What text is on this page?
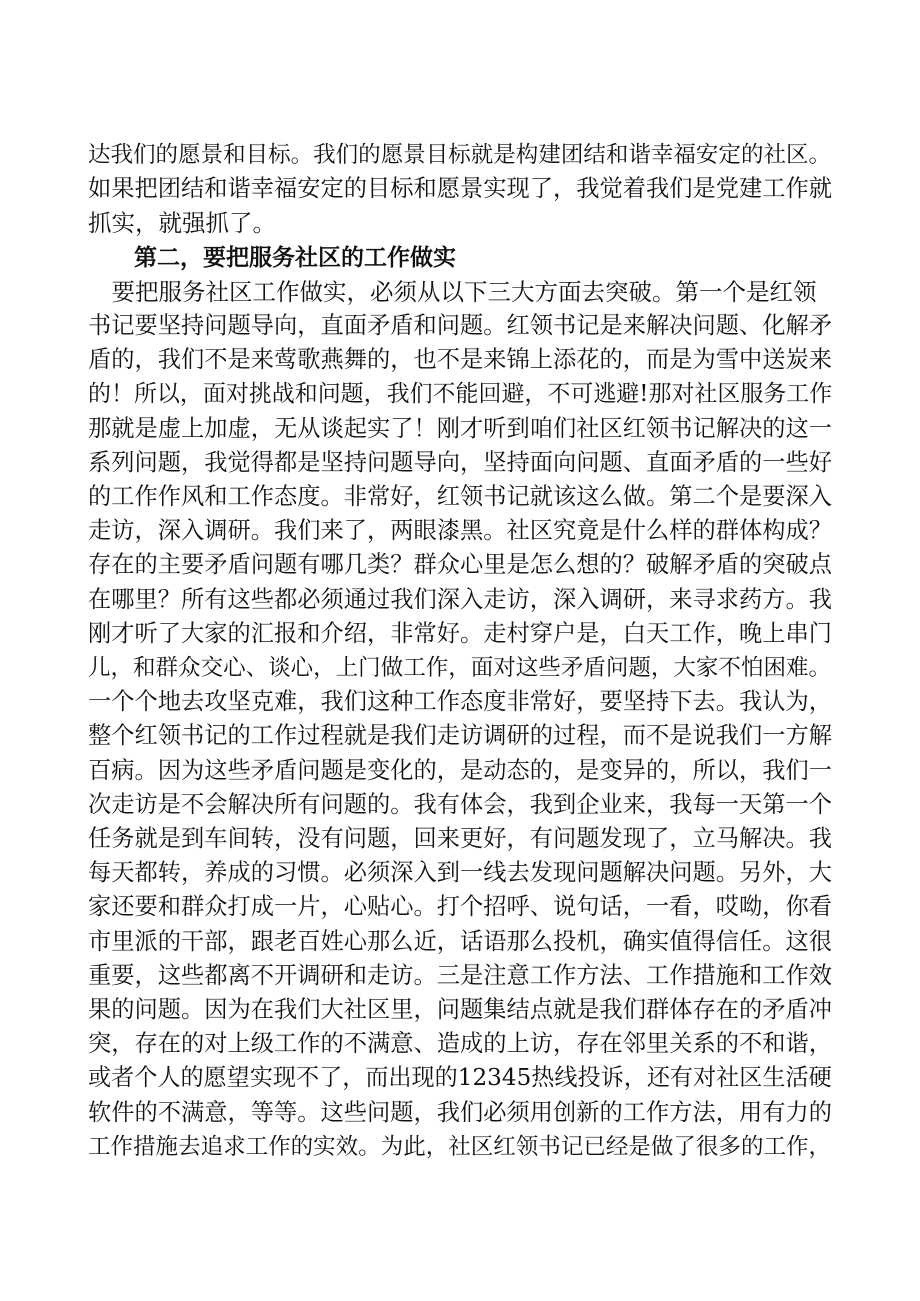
达我们的愿景和目标。我们的愿景目标就是构建团结和谐幸福安定的社区。
如果把团结和谐幸福安定的目标和愿景实现了，我觉着我们是党建工作就
抓实，就强抓了。
第二，要把服务社区的工作做实
　要把服务社区工作做实，必须从以下三大方面去突破。第一个是红领
书记要坚持问题导向，直面矛盾和问题。红领书记是来解决问题、化解矛
盾的，我们不是来莺歌燕舞的，也不是来锦上添花的，而是为雪中送炭来
的！所以，面对挑战和问题，我们不能回避，不可逃避!那对社区服务工作
那就是虚上加虚，无从谈起实了！刚才听到咱们社区红领书记解决的这一
系列问题，我觉得都是坚持问题导向，坚持面向问题、直面矛盾的一些好
的工作作风和工作态度。非常好，红领书记就该这么做。第二个是要深入
走访，深入调研。我们来了，两眼漆黑。社区究竟是什么样的群体构成？
存在的主要矛盾问题有哪几类？群众心里是怎么想的？破解矛盾的突破点
在哪里？所有这些都必须通过我们深入走访，深入调研，来寻求药方。我
刚才听了大家的汇报和介绍，非常好。走村穿户是，白天工作，晚上串门
儿，和群众交心、谈心，上门做工作，面对这些矛盾问题，大家不怕困难。
一个个地去攻坚克难，我们这种工作态度非常好，要坚持下去。我认为，
整个红领书记的工作过程就是我们走访调研的过程，而不是说我们一方解
百病。因为这些矛盾问题是变化的，是动态的，是变异的，所以，我们一
次走访是不会解决所有问题的。我有体会，我到企业来，我每一天第一个
任务就是到车间转，没有问题，回来更好，有问题发现了，立马解决。我
每天都转，养成的习惯。必须深入到一线去发现问题解决问题。另外，大
家还要和群众打成一片，心贴心。打个招呼、说句话，一看，哎呦，你看
市里派的干部，跟老百姓心那么近，话语那么投机，确实值得信任。这很
重要，这些都离不开调研和走访。三是注意工作方法、工作措施和工作效
果的问题。因为在我们大社区里，问题集结点就是我们群体存在的矛盾冲
突，存在的对上级工作的不满意、造成的上访，存在邻里关系的不和谐，
或者个人的愿望实现不了，而出现的12345热线投诉，还有对社区生活硬
软件的不满意，等等。这些问题，我们必须用创新的工作方法，用有力的
工作措施去追求工作的实效。为此，社区红领书记已经是做了很多的工作，
